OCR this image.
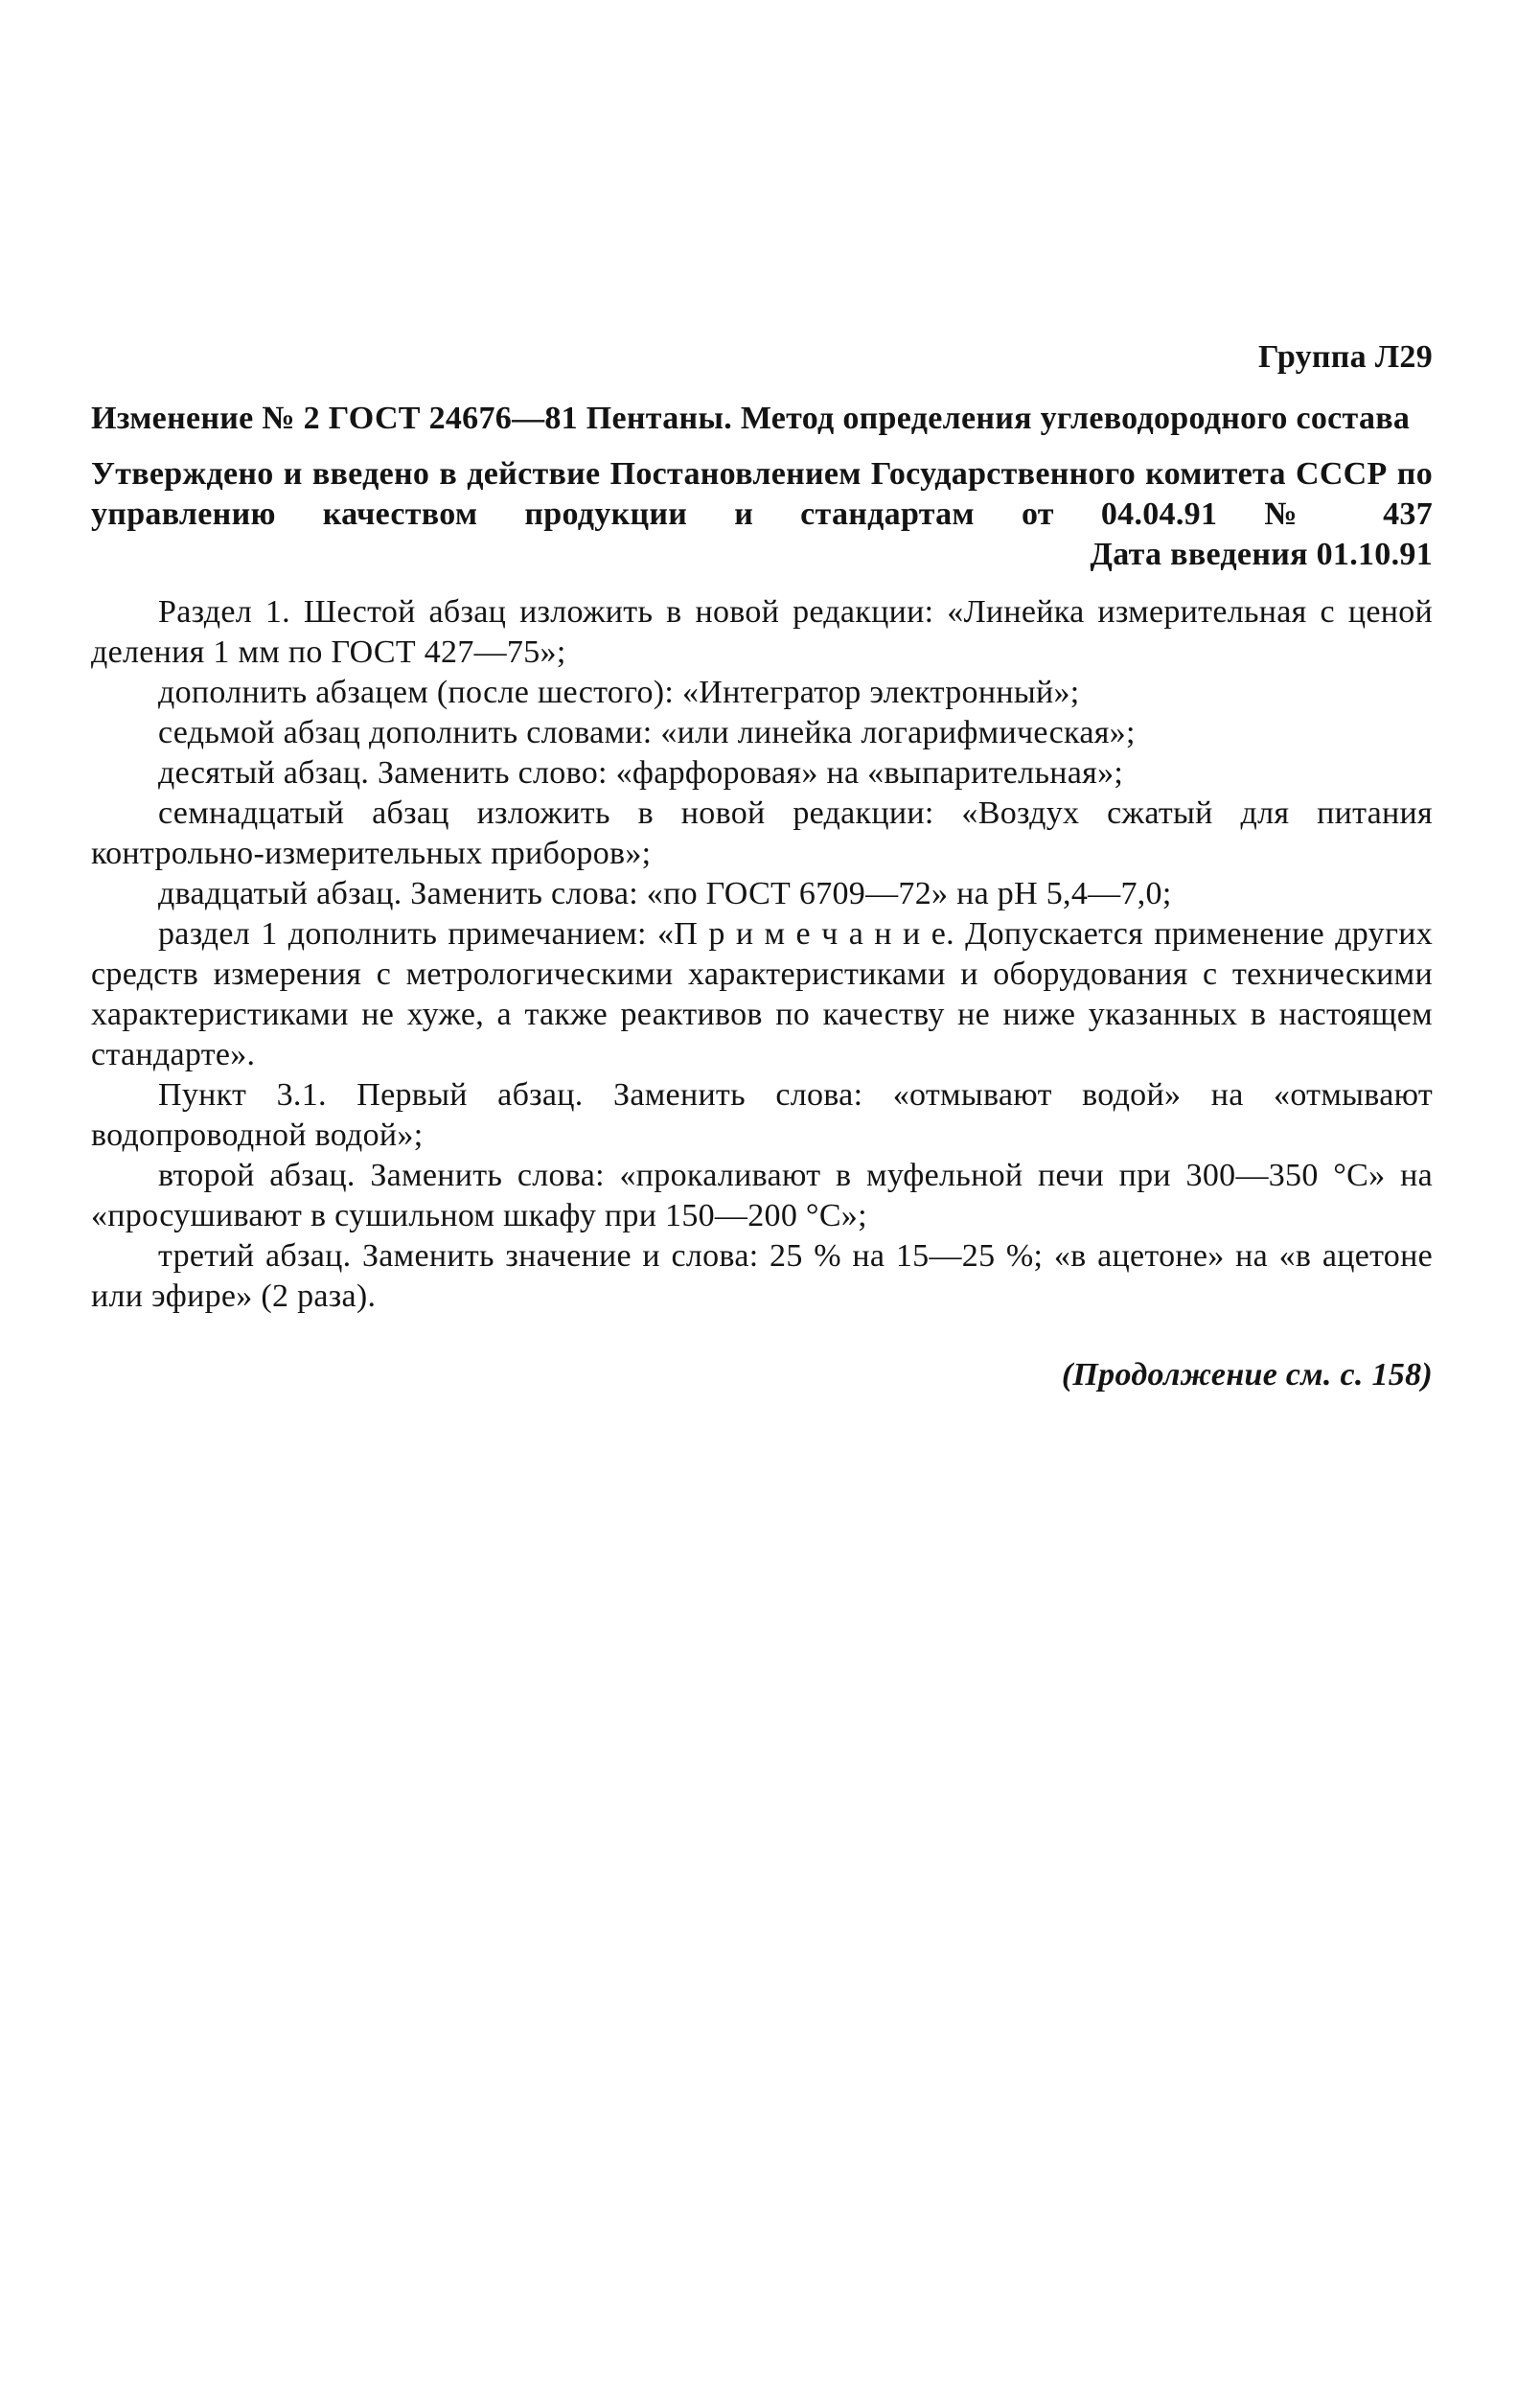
Группа Л29

Изменение № 2 ГОСТ 24676—81 Пентаны. Метод определения углеводородного состава

Утверждено и введено в действие Постановлением Государственного комитета СССР по управлению качеством продукции и стандартам от 04.04.91 № 437

Дата введения 01.10.91

Раздел 1. Шестой абзац изложить в новой редакции: «Линейка измерительная с ценой деления 1 мм по ГОСТ 427—75»;

дополнить абзацем (после шестого): «Интегратор электронный»;

седьмой абзац дополнить словами: «или линейка логарифмическая»;

десятый абзац. Заменить слово: «фарфоровая» на «выпарительная»;

семнадцатый абзац изложить в новой редакции: «Воздух сжатый для питания контрольно-измерительных приборов»;

двадцатый абзац. Заменить слова: «по ГОСТ 6709—72» на рН 5,4—7,0;

раздел 1 дополнить примечанием: «П р и м е ч а н и е. Допускается применение других средств измерения с метрологическими характеристиками и оборудования с техническими характеристиками не хуже, а также реактивов по качеству не ниже указанных в настоящем стандарте».

Пункт 3.1. Первый абзац. Заменить слова: «отмывают водой» на «отмывают водопроводной водой»;

второй абзац. Заменить слова: «прокаливают в муфельной печи при 300—350 °С» на «просушивают в сушильном шкафу при 150—200 °С»;

третий абзац. Заменить значение и слова: 25 % на 15—25 %; «в ацетоне» на «в ацетоне или эфире» (2 раза).

(Продолжение см. с. 158)
